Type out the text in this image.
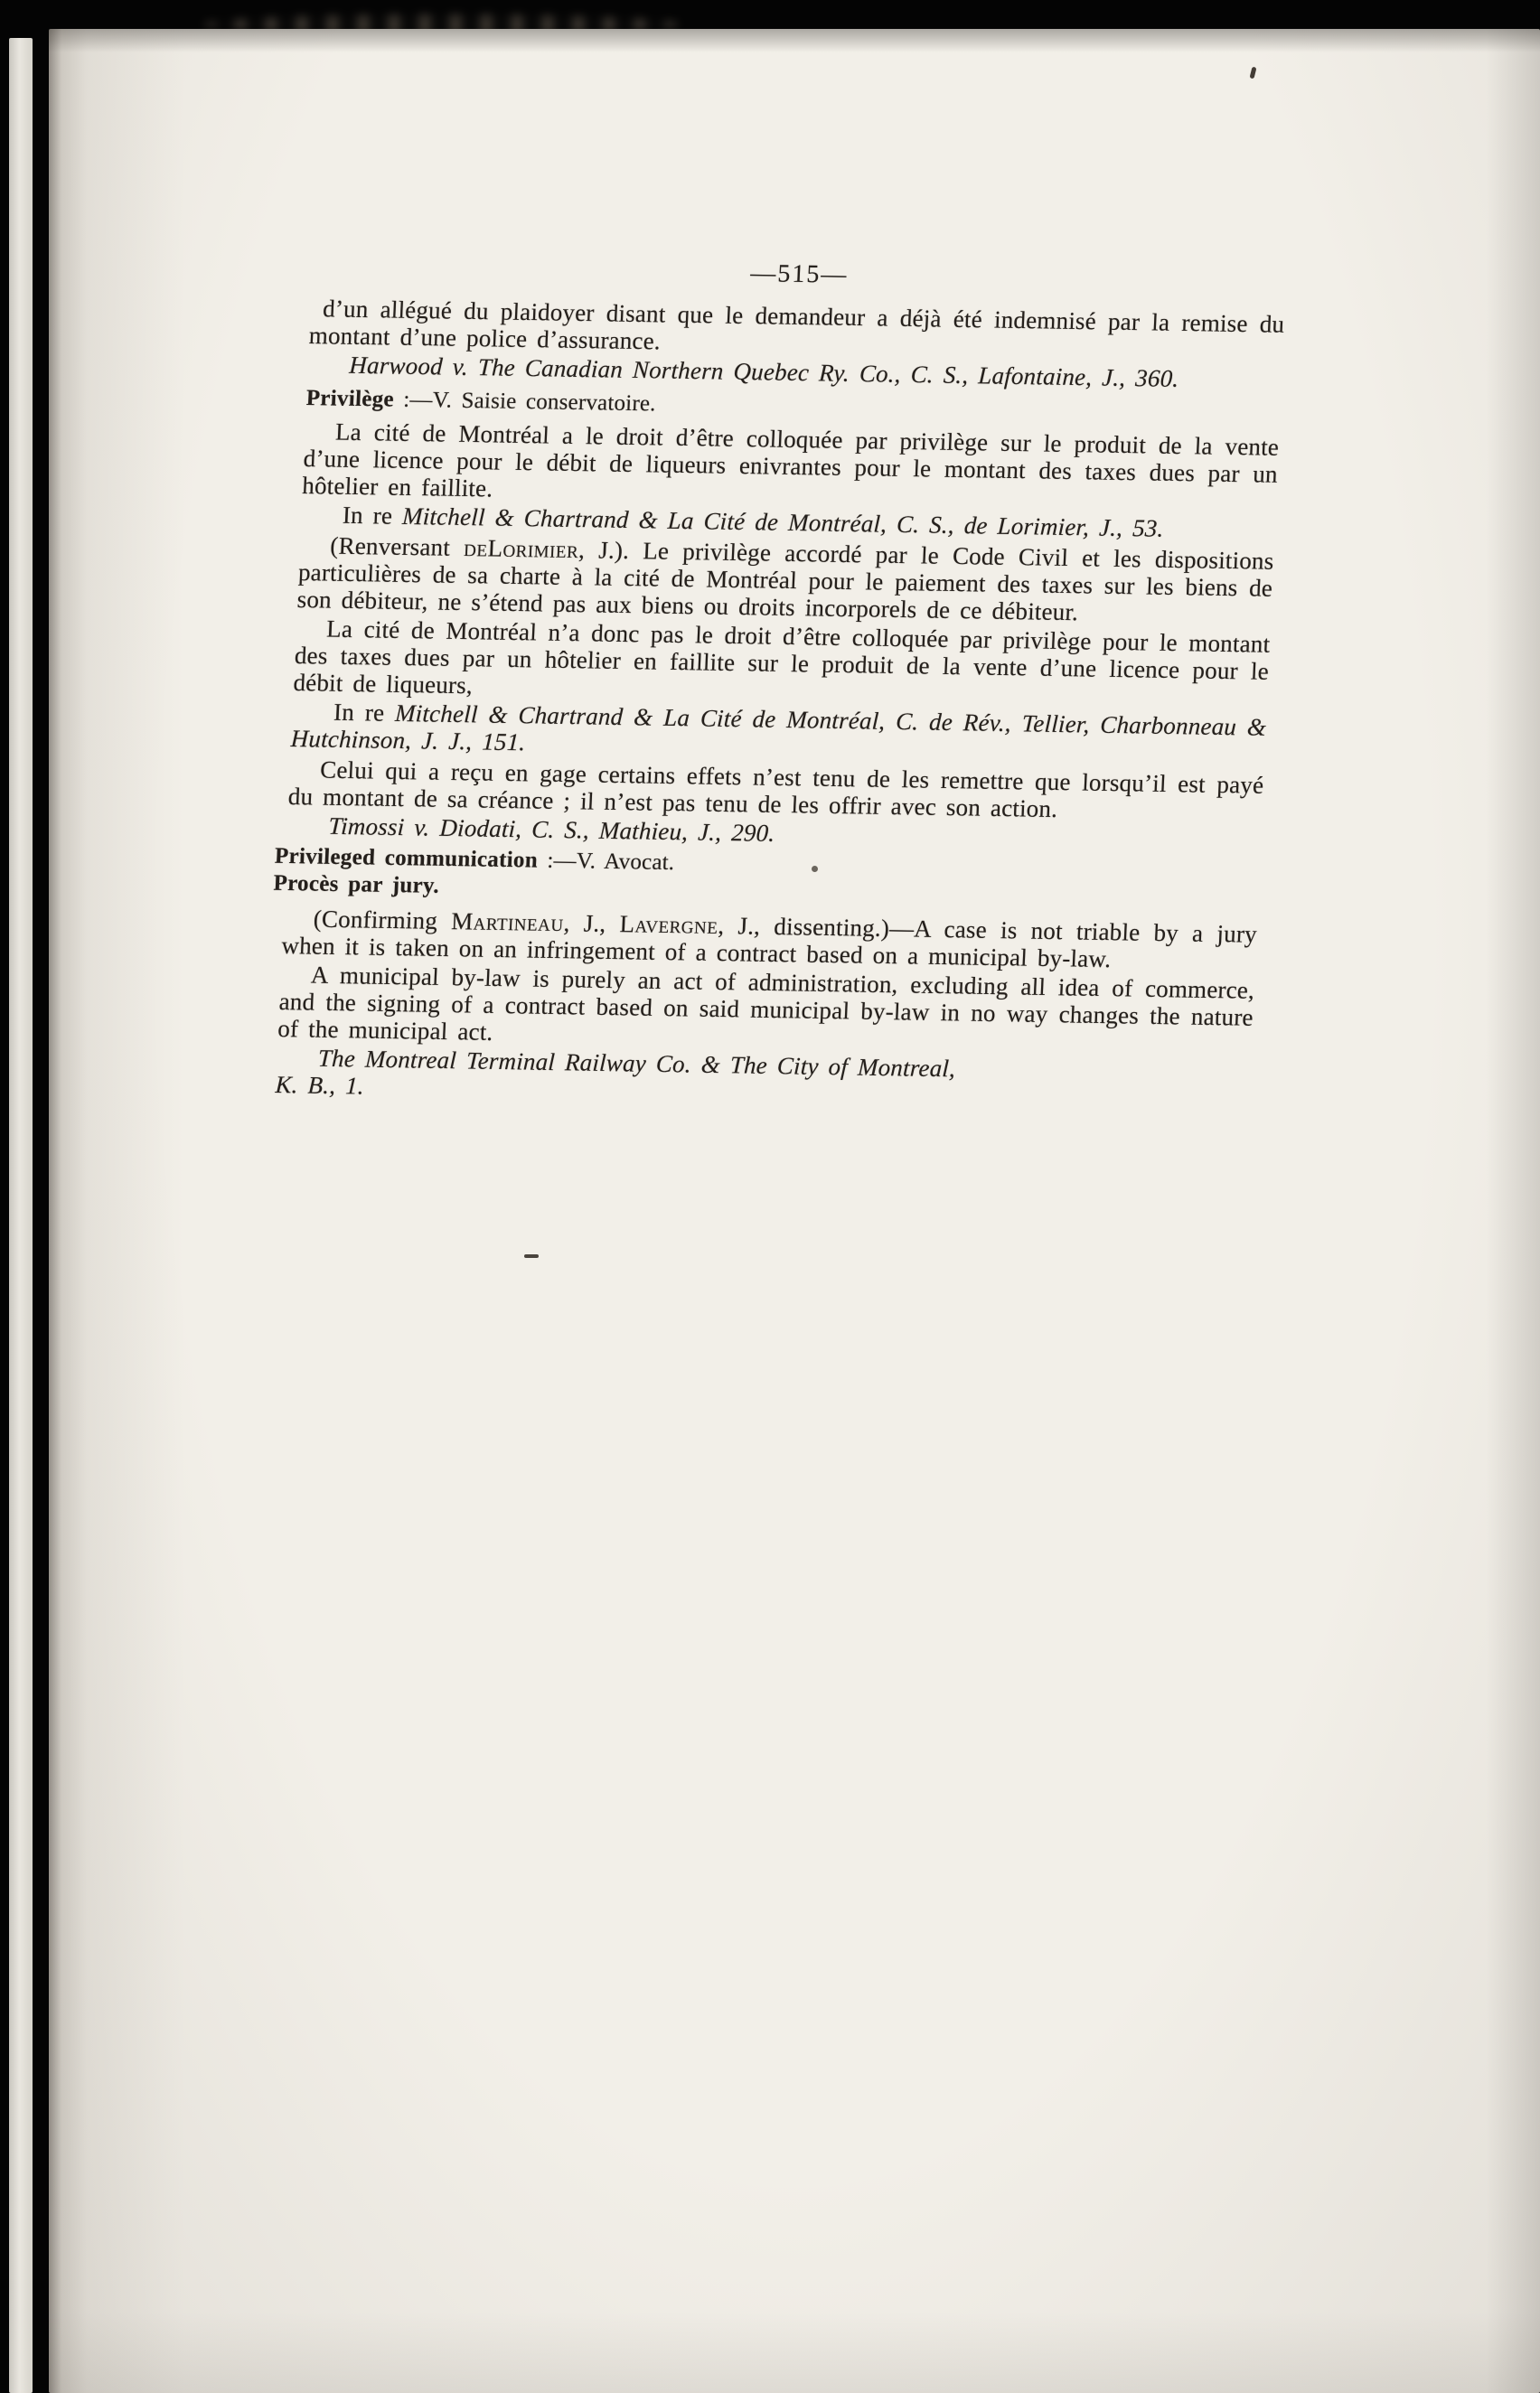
—515—

d’un allégué du plaidoyer disant que le demandeur a déjà été indemnisé par la remise du montant d’une police d’assurance.

Harwood v. The Canadian Northern Quebec Ry. Co., C. S., Lafontaine, J., 360.

Privilège :—V. Saisie conservatoire.

La cité de Montréal a le droit d’être colloquée par privilège sur le produit de la vente d’une licence pour le débit de liqueurs enivrantes pour le montant des taxes dues par un hôtelier en faillite.

In re Mitchell & Chartrand & La Cité de Montréal, C. S., de Lorimier, J., 53.

(Renversant deLorimier, J.). Le privilège accordé par le Code Civil et les dispositions particulières de sa charte à la cité de Montréal pour le paiement des taxes sur les biens de son débiteur, ne s’étend pas aux biens ou droits incorporels de ce débiteur.

La cité de Montréal n’a donc pas le droit d’être colloquée par privilège pour le montant des taxes dues par un hôtelier en faillite sur le produit de la vente d’une licence pour le débit de liqueurs,

In re Mitchell & Chartrand & La Cité de Montréal, C. de Rév., Tellier, Charbonneau & Hutchinson, J. J., 151.

Celui qui a reçu en gage certains effets n’est tenu de les remettre que lorsqu’il est payé du montant de sa créance ; il n’est pas tenu de les offrir avec son action.

Timossi v. Diodati, C. S., Mathieu, J., 290.

Privileged communication :—V. Avocat.

Procès par jury.

(Confirming Martineau, J., Lavergne, J., dissenting.)—A case is not triable by a jury when it is taken on an infringement of a contract based on a municipal by-law.

A municipal by-law is purely an act of administration, excluding all idea of commerce, and the signing of a contract based on said municipal by-law in no way changes the nature of the municipal act.

The Montreal Terminal Railway Co. & The City of Montreal,
K. B., 1.
